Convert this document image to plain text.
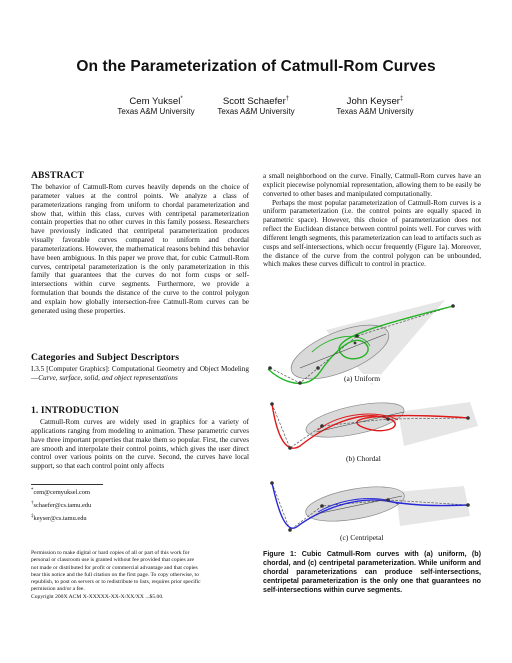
On the Parameterization of Catmull-Rom Curves
Cem Yuksel*
Texas A&M University
Scott Schaefer†
Texas A&M University
John Keyser‡
Texas A&M University
ABSTRACT

The behavior of Catmull-Rom curves heavily depends on the choice of parameter values at the control points. We analyze a class of parameterizations ranging from uniform to chordal parameterization and show that, within this class, curves with centripetal parameterization contain properties that no other curves in this family possess. Researchers have previously indicated that centripetal parameterization produces visually favorable curves compared to uniform and chordal parameterizations. However, the mathematical reasons behind this behavior have been ambiguous. In this paper we prove that, for cubic Catmull-Rom curves, centripetal parameterization is the only parameterization in this family that guarantees that the curves do not form cusps or self-intersections within curve segments. Furthermore, we provide a formulation that bounds the distance of the curve to the control polygon and explain how globally intersection-free Catmull-Rom curves can be generated using these properties.

Categories and Subject Descriptors

I.3.5 [Computer Graphics]: Computational Geometry and Object Modeling—Curve, surface, solid, and object representations

1. INTRODUCTION

Catmull-Rom curves are widely used in graphics for a variety of applications ranging from modeling to animation. These parametric curves have three important properties that make them so popular. First, the curves are smooth and interpolate their control points, which gives the user direct control over various points on the curve. Second, the curves have local support, so that each control point only affects

*cem@cemyuksel.com
†schaefer@cs.tamu.edu
‡keyser@cs.tamu.edu
Permission to make digital or hard copies of all or part of this work for
personal or classroom use is granted without fee provided that copies are
not made or distributed for profit or commercial advantage and that copies
bear this notice and the full citation on the first page. To copy otherwise, to
republish, to post on servers or to redistribute to lists, requires prior specific
permission and/or a fee.
Copyright 200X ACM X-XXXXX-XX-X/XX/XX ...$5.00.

a small neighborhood on the curve. Finally, Catmull-Rom curves have an explicit piecewise polynomial representation, allowing them to be easily be converted to other bases and manipulated computationally.

Perhaps the most popular parameterization of Catmull-Rom curves is a uniform parameterization (i.e. the control points are equally spaced in parametric space). However, this choice of parameterization does not reflect the Euclidean distance between control points well. For curves with different length segments, this parameterization can lead to artifacts such as cusps and self-intersections, which occur frequently (Figure 1a). Moreover, the distance of the curve from the control polygon can be unbounded, which makes these curves difficult to control in practice.

(a) Uniform
(b) Chordal
(c) Centripetal
Figure 1: Cubic Catmull-Rom curves with (a) uniform, (b) chordal, and (c) centripetal parameterization. While uniform and chordal parameterizations can produce self-intersections, centripetal parameterization is the only one that guarantees no self-intersections within curve segments.
